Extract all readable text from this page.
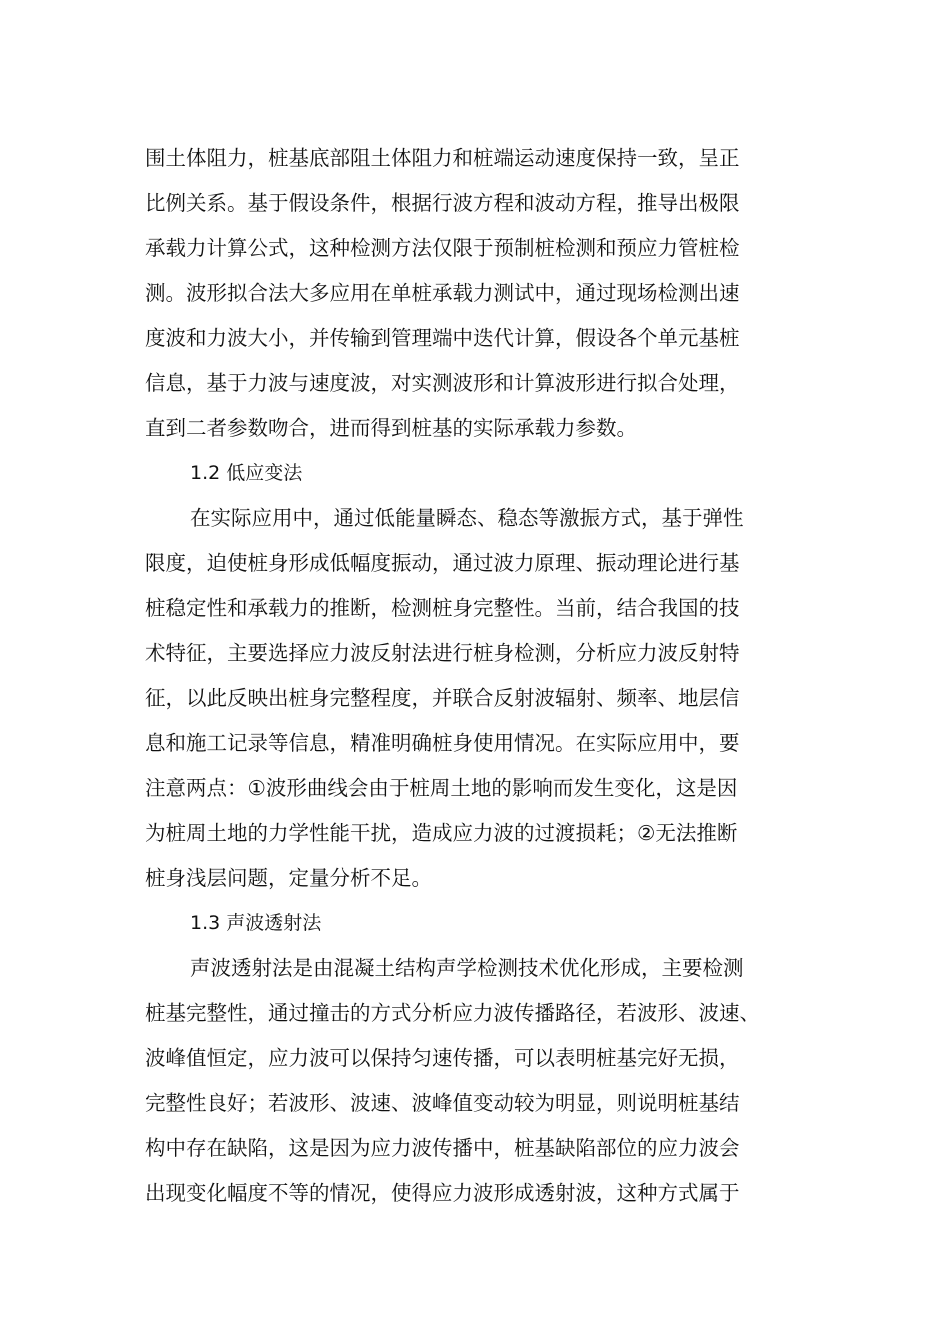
围土体阻力，桩基底部阻土体阻力和桩端运动速度保持一致，呈正
比例关系。基于假设条件，根据行波方程和波动方程，推导出极限
承载力计算公式，这种检测方法仅限于预制桩检测和预应力管桩检
测。波形拟合法大多应用在单桩承载力测试中，通过现场检测出速
度波和力波大小，并传输到管理端中迭代计算，假设各个单元基桩
信息，基于力波与速度波，对实测波形和计算波形进行拟合处理，
直到二者参数吻合，进而得到桩基的实际承载力参数。
1.2 低应变法
在实际应用中，通过低能量瞬态、稳态等激振方式，基于弹性
限度，迫使桩身形成低幅度振动，通过波力原理、振动理论进行基
桩稳定性和承载力的推断，检测桩身完整性。当前，结合我国的技
术特征，主要选择应力波反射法进行桩身检测，分析应力波反射特
征，以此反映出桩身完整程度，并联合反射波辐射、频率、地层信
息和施工记录等信息，精准明确桩身使用情况。在实际应用中，要
注意两点：①波形曲线会由于桩周土地的影响而发生变化，这是因
为桩周土地的力学性能干扰，造成应力波的过渡损耗；②无法推断
桩身浅层问题，定量分析不足。
1.3 声波透射法
声波透射法是由混凝土结构声学检测技术优化形成，主要检测
桩基完整性，通过撞击的方式分析应力波传播路径，若波形、波速、
波峰值恒定，应力波可以保持匀速传播，可以表明桩基完好无损，
完整性良好；若波形、波速、波峰值变动较为明显，则说明桩基结
构中存在缺陷，这是因为应力波传播中，桩基缺陷部位的应力波会
出现变化幅度不等的情况，使得应力波形成透射波，这种方式属于
